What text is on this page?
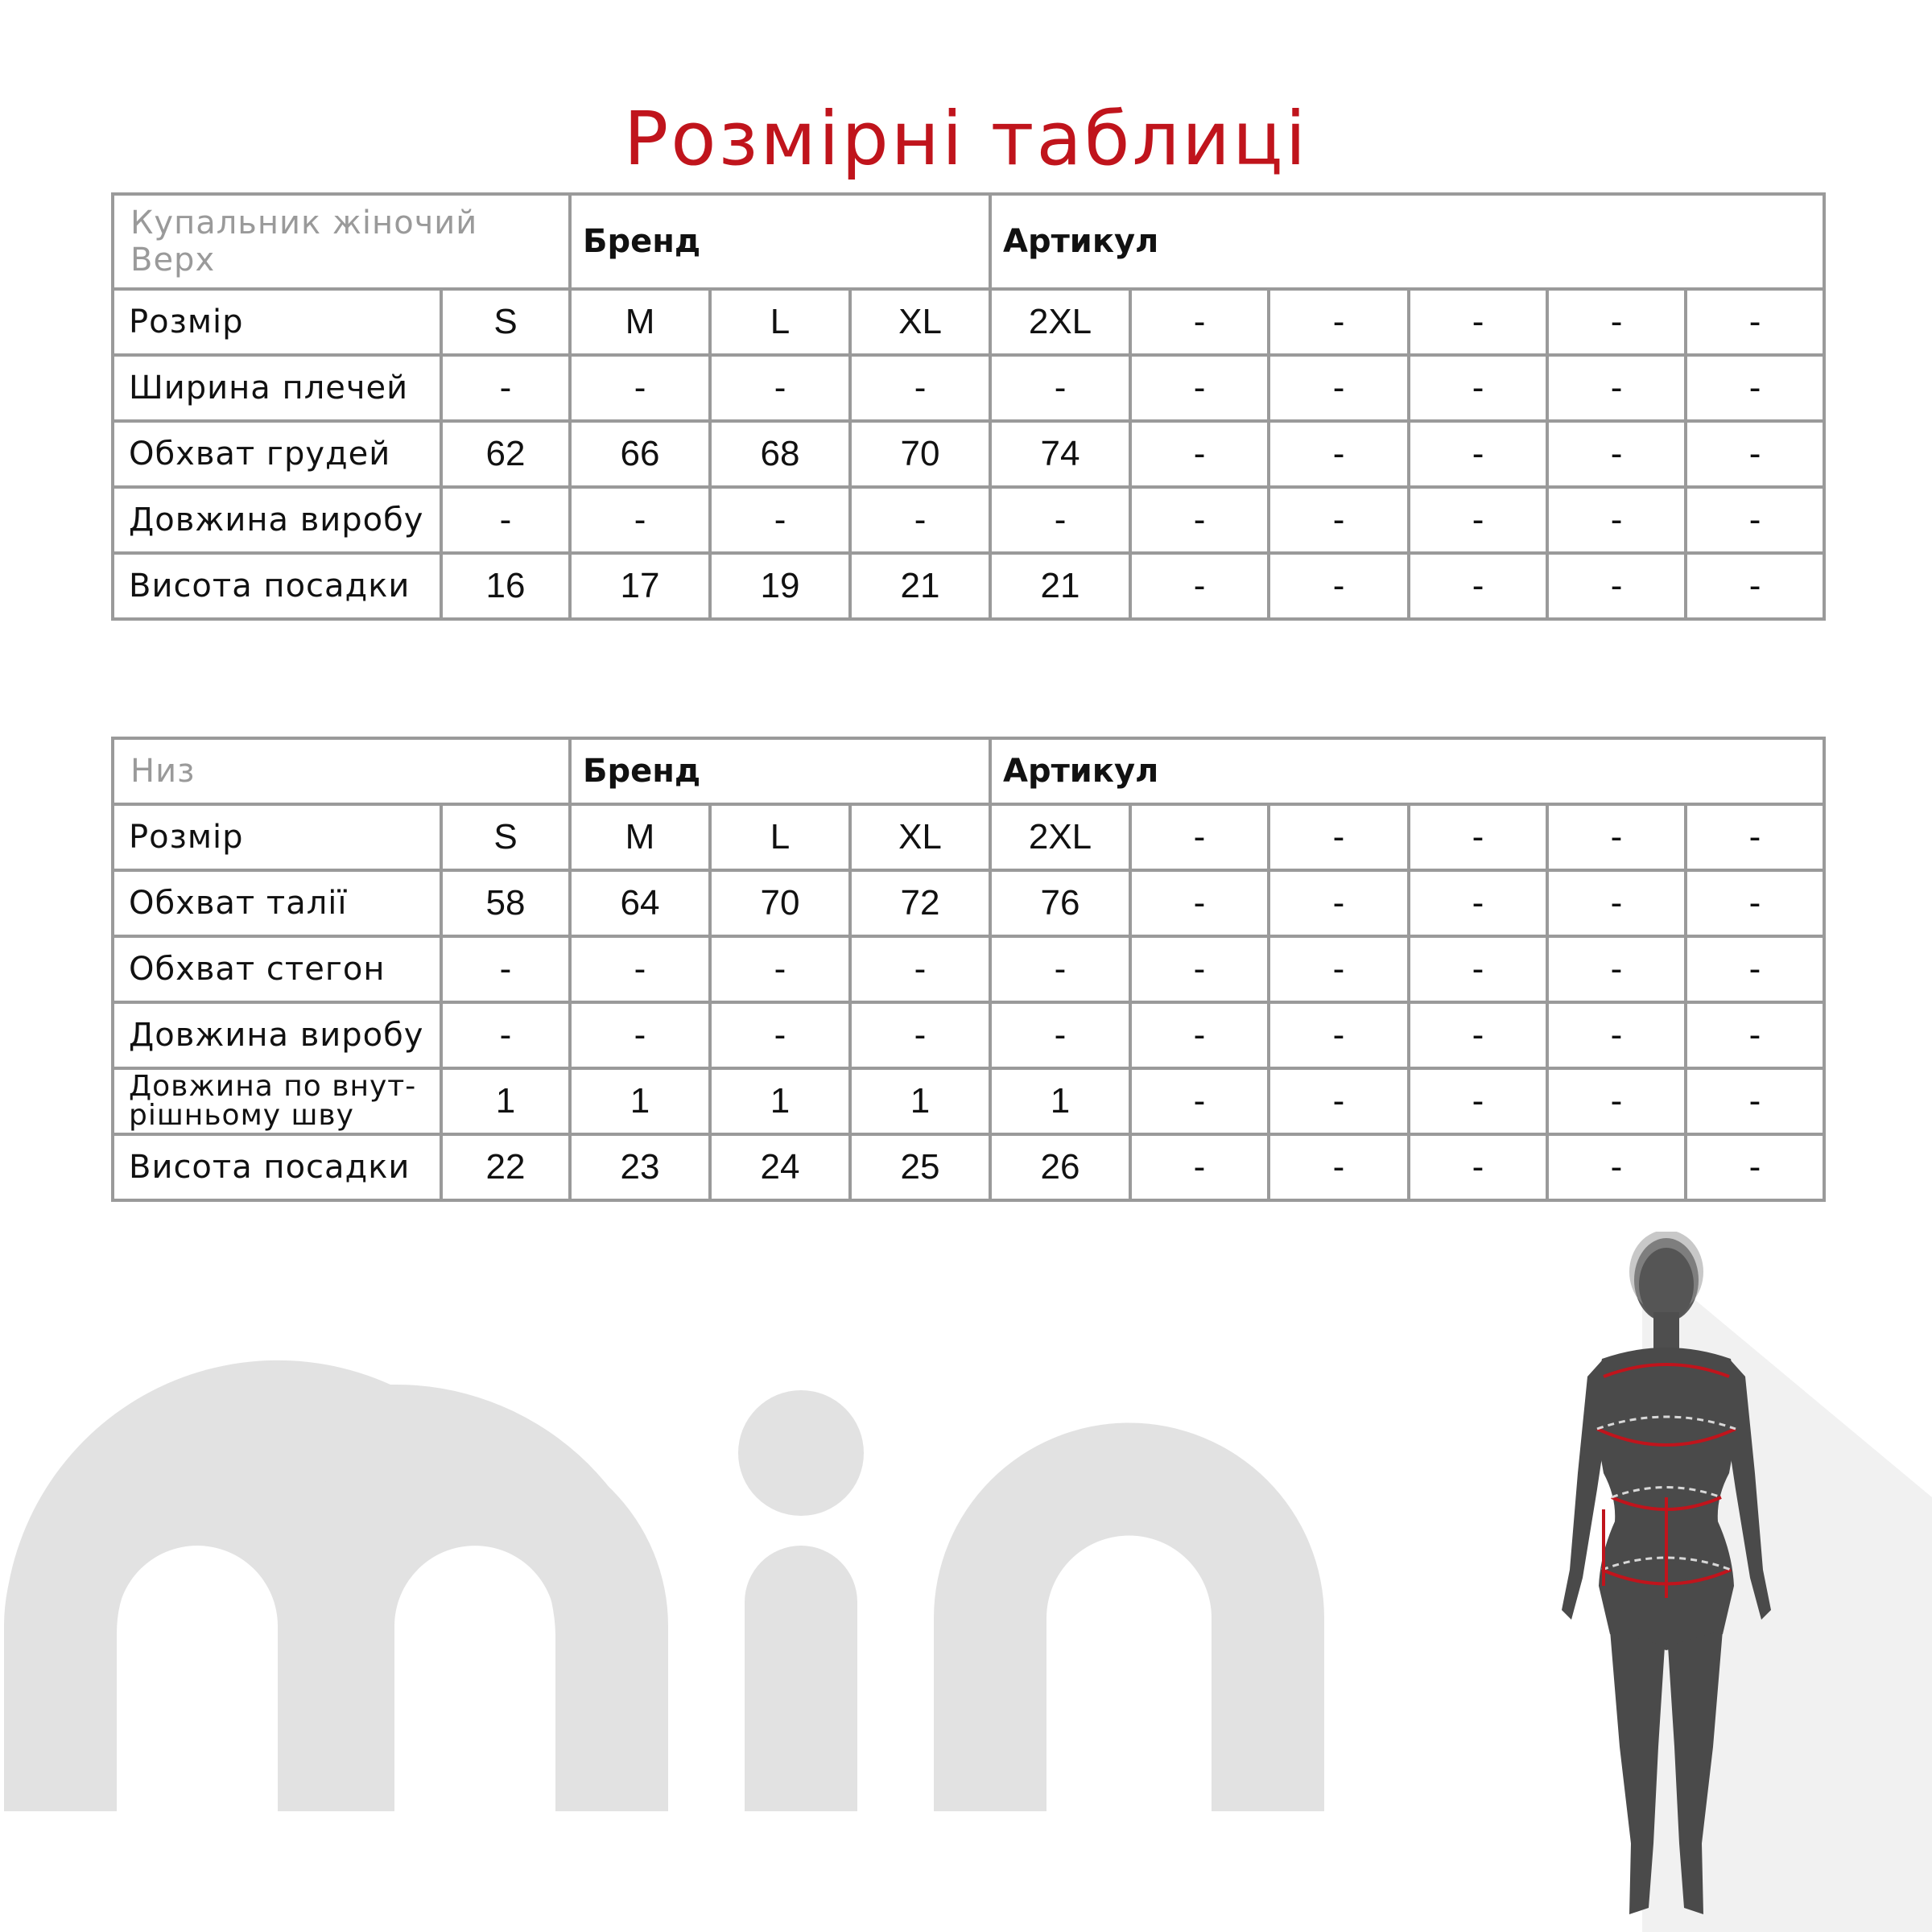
Розмірні таблиці
Купальник жіночий
Верх		Бренд			Артикул					
Розмір	S	M	L	XL	2XL	-	-	-	-	-
Ширина плечей	-	-	-	-	-	-	-	-	-	-
Обхват грудей	62	66	68	70	74	-	-	-	-	-
Довжина виробу	-	-	-	-	-	-	-	-	-	-
Висота посадки	16	17	19	21	21	-	-	-	-	-
Низ		Бренд			Артикул					
Розмір	S	M	L	XL	2XL	-	-	-	-	-
Обхват талії	58	64	70	72	76	-	-	-	-	-
Обхват стегон	-	-	-	-	-	-	-	-	-	-
Довжина виробу	-	-	-	-	-	-	-	-	-	-

Довжина по внут-
рішньому шву	1	1	1	1	1	-	-	-	-	-
Висота посадки	22	23	24	25	26	-	-	-	-	-
